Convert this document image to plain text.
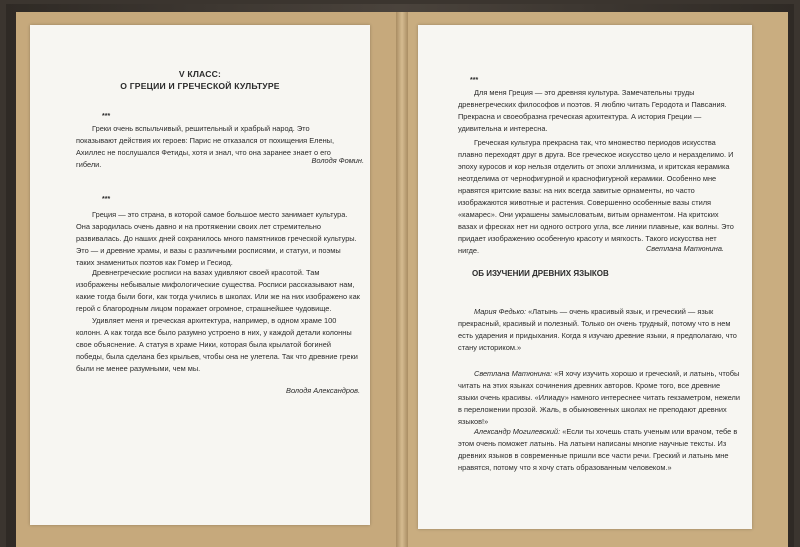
V КЛАСС:
О ГРЕЦИИ И ГРЕЧЕСКОЙ КУЛЬТУРЕ
***

Греки очень вспыльчивый, решительный и храбрый народ. Это показывают действия их героев: Парис не отказался от похищения Елены, Ахиллес не послушался Фетиды, хотя и знал, что она заранее знает о его гибели.	Володя Фомин.
***

Греция — это страна, в которой самое большое место занимает культура. Она зародилась очень давно и на протяжении своих лет стремительно развивалась. До наших дней сохранилось много памятников греческой культуры. Это — и древние храмы, и вазы с различными росписями, и статуи, и поэмы таких знаменитых поэтов как Гомер и Гесиод.

Древнегреческие росписи на вазах удивляют своей красотой. Там изображены небывалые мифологические существа. Росписи рассказывают нам, какие тогда были боги, как тогда учились в школах. Или же на них изображено как герой с благородным лицом поражает огромное, страшнейшее чудовище.

Удивляет меня и греческая архитектура, например, в одном храме 100 колонн. А как тогда все было разумно устроено в них, у каждой детали колонны свое объяснение. А статуя в храме Ники, которая была крылатой богиней победы, была сделана без крыльев, чтобы она не улетела. Так что древние греки были не менее разумными, чем мы.

Володя Александров.
***

Для меня Греция — это древняя культура. Замечательны труды древнегреческих философов и поэтов. Я люблю читать Геродота и Павсания. Прекрасна и своеобразна греческая архитектура. А история Греции — удивительна и интересна.

Греческая культура прекрасна так, что множество периодов искусства плавно переходят друг в друга. Все греческое искусство цело и неразделимо. И эпоху куросов и кор нельзя отделить от эпохи эллинизма, и критская керамика неотделима от чернофигурной и краснофигурной керамики. Особенно мне нравятся критские вазы: на них всегда завитые орнаменты, но часто изображаются животные и растения. Совершенно особенные вазы стиля «камарес». Они украшены замысловатым, витым орнаментом. На критских вазах и фресках нет ни одного острого угла, все линии плавные, как волны. Это придает изображению особенную красоту и мягкость. Такого искусства нет нигде.	Светлана Матюнина.
ОБ ИЗУЧЕНИИ ДРЕВНИХ ЯЗЫКОВ

Мария Федько: «Латынь — очень красивый язык, и греческий — язык прекрасный, красивый и полезный. Только он очень трудный, потому что в нем есть ударения и придыхания. Когда я изучаю древние языки, я предполагаю, что стану историком.»

Светлана Матюнина: «Я хочу изучить хорошо и греческий, и латынь, чтобы читать на этих языках сочинения древних авторов. Кроме того, все древние языки очень красивы. «Илиаду» намного интереснее читать гекзаметром, нежели в переложении прозой. Жаль, в обыкновенных школах не преподают древних языков!»

Александр Могилевский: «Если ты хочешь стать ученым или врачом, тебе в этом очень поможет латынь. На латыни написаны многие научные тексты. Из древних языков в современные пришли все части речи. Греский и латынь мне нравятся, потому что я хочу стать образованным человеком.»
